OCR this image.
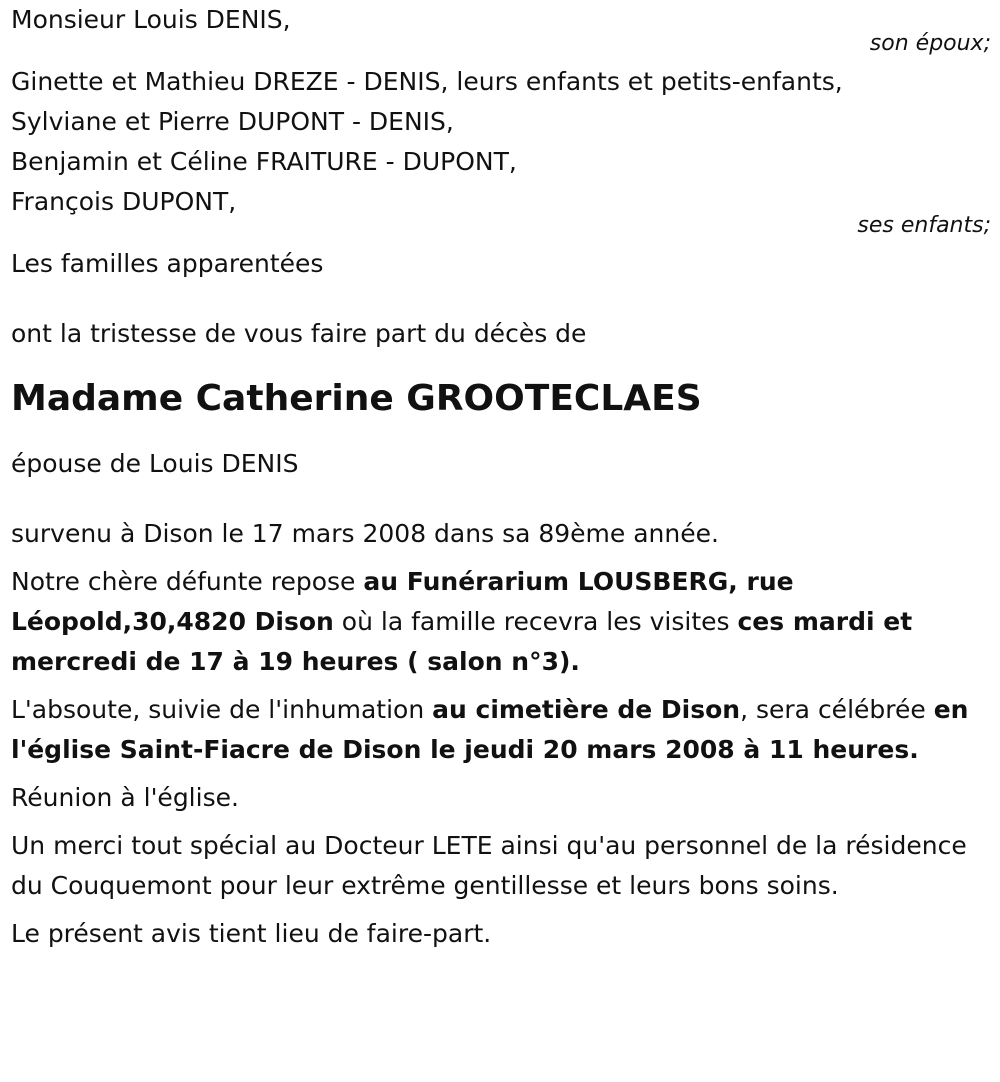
Monsieur Louis DENIS,
son époux;
Ginette et Mathieu DREZE - DENIS, leurs enfants et petits-enfants,
Sylviane et Pierre DUPONT - DENIS,
Benjamin et Céline FRAITURE - DUPONT,
François DUPONT,
ses enfants;
Les familles apparentées
ont la tristesse de vous faire part du décès de

Madame Catherine GROOTECLAES

épouse de Louis DENIS

survenu à Dison le 17 mars 2008 dans sa 89ème année.

Notre chère défunte repose au Funérarium LOUSBERG, rue Léopold,30,4820 Dison où la famille recevra les visites ces mardi et mercredi de 17 à 19 heures ( salon n°3).

L'absoute, suivie de l'inhumation au cimetière de Dison, sera célébrée en l'église Saint-Fiacre de Dison le jeudi 20 mars 2008 à 11 heures.

Réunion à l'église.

Un merci tout spécial au Docteur LETE ainsi qu'au personnel de la résidence du Couquemont pour leur extrême gentillesse et leurs bons soins.

Le présent avis tient lieu de faire-part.
